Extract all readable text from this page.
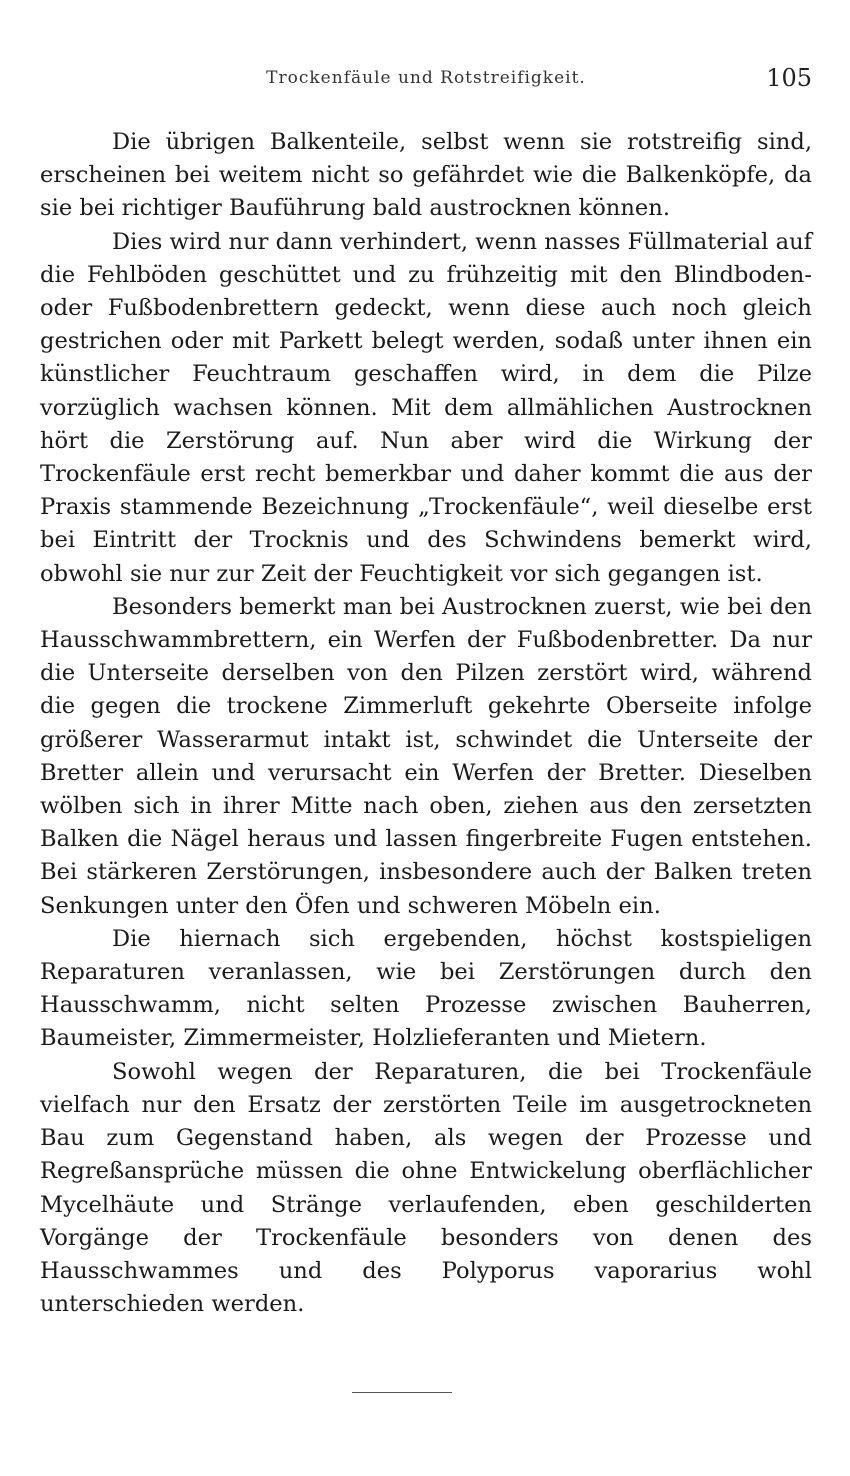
Trockenfäule und Rotstreifigkeit.	105

Die übrigen Balkenteile, selbst wenn sie rotstreifig sind, erscheinen bei weitem nicht so gefährdet wie die Balkenköpfe, da sie bei richtiger Bauführung bald austrocknen können.

Dies wird nur dann verhindert, wenn nasses Füllmaterial auf die Fehlböden geschüttet und zu frühzeitig mit den Blindboden- oder Fußbodenbrettern gedeckt, wenn diese auch noch gleich gestrichen oder mit Parkett belegt werden, sodaß unter ihnen ein künstlicher Feuchtraum geschaffen wird, in dem die Pilze vorzüglich wachsen können. Mit dem allmählichen Austrocknen hört die Zerstörung auf. Nun aber wird die Wirkung der Trockenfäule erst recht bemerkbar und daher kommt die aus der Praxis stammende Bezeichnung „Trockenfäule“, weil dieselbe erst bei Eintritt der Trocknis und des Schwindens bemerkt wird, obwohl sie nur zur Zeit der Feuchtigkeit vor sich gegangen ist.

Besonders bemerkt man bei Austrocknen zuerst, wie bei den Hausschwammbrettern, ein Werfen der Fußbodenbretter. Da nur die Unterseite derselben von den Pilzen zerstört wird, während die gegen die trockene Zimmerluft gekehrte Oberseite infolge größerer Wasserarmut intakt ist, schwindet die Unterseite der Bretter allein und verursacht ein Werfen der Bretter. Dieselben wölben sich in ihrer Mitte nach oben, ziehen aus den zersetzten Balken die Nägel heraus und lassen fingerbreite Fugen entstehen. Bei stärkeren Zerstörungen, insbesondere auch der Balken treten Senkungen unter den Öfen und schweren Möbeln ein.

Die hiernach sich ergebenden, höchst kostspieligen Reparaturen veranlassen, wie bei Zerstörungen durch den Hausschwamm, nicht selten Prozesse zwischen Bauherren, Baumeister, Zimmermeister, Holzlieferanten und Mietern.

Sowohl wegen der Reparaturen, die bei Trockenfäule vielfach nur den Ersatz der zerstörten Teile im ausgetrockneten Bau zum Gegenstand haben, als wegen der Prozesse und Regreßansprüche müssen die ohne Entwickelung oberflächlicher Mycelhäute und Stränge verlaufenden, eben geschilderten Vorgänge der Trockenfäule besonders von denen des Hausschwammes und des Polyporus vaporarius wohl unterschieden werden.
